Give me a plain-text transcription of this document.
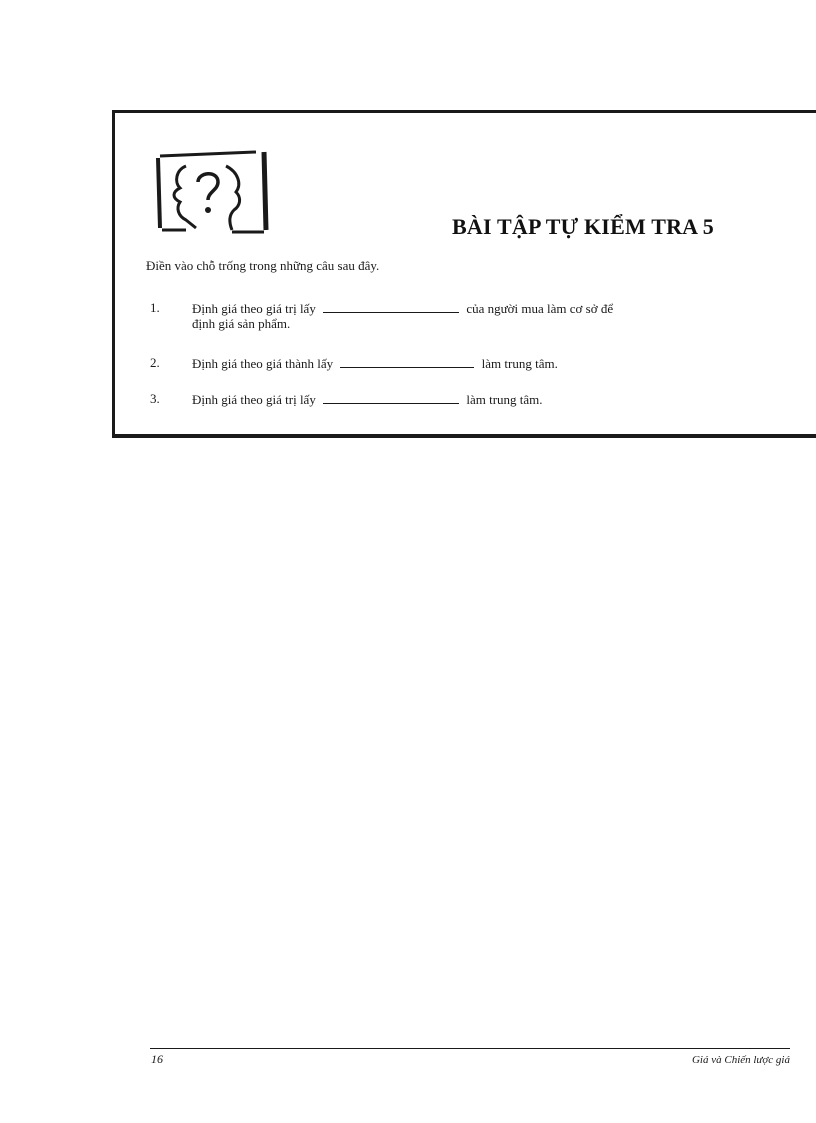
BÀI TẬP TỰ KIỂM TRA 5
Điền vào chỗ trống trong những câu sau đây.
1.	Định giá theo giá trị lấy	của người mua làm cơ sở để
định giá sản phẩm.
2.	Định giá theo giá thành lấy	làm trung tâm.
3.	Định giá theo giá trị lấy	làm trung tâm.
16	Giá và Chiến lược giá
